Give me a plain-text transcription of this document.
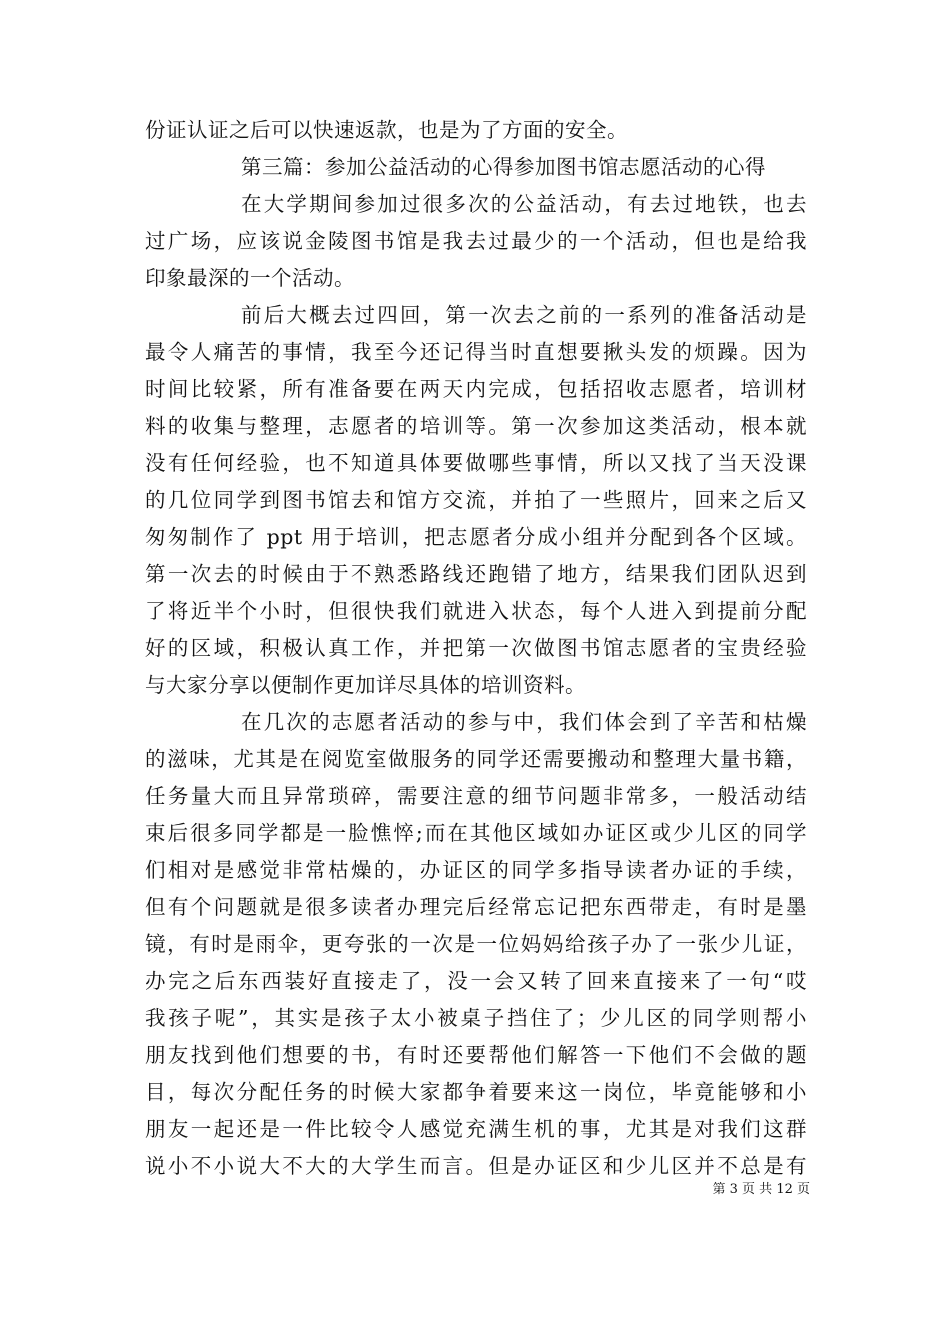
份证认证之后可以快速返款，也是为了方面的安全。
第三篇：参加公益活动的心得参加图书馆志愿活动的心得
在大学期间参加过很多次的公益活动，有去过地铁，也去
过广场，应该说金陵图书馆是我去过最少的一个活动，但也是给我
印象最深的一个活动。
前后大概去过四回，第一次去之前的一系列的准备活动是
最令人痛苦的事情，我至今还记得当时直想要揪头发的烦躁。因为
时间比较紧，所有准备要在两天内完成，包括招收志愿者，培训材
料的收集与整理，志愿者的培训等。第一次参加这类活动，根本就
没有任何经验，也不知道具体要做哪些事情，所以又找了当天没课
的几位同学到图书馆去和馆方交流，并拍了一些照片，回来之后又
匆匆制作了 ppt 用于培训，把志愿者分成小组并分配到各个区域。
第一次去的时候由于不熟悉路线还跑错了地方，结果我们团队迟到
了将近半个小时，但很快我们就进入状态，每个人进入到提前分配
好的区域，积极认真工作，并把第一次做图书馆志愿者的宝贵经验
与大家分享以便制作更加详尽具体的培训资料。
在几次的志愿者活动的参与中，我们体会到了辛苦和枯燥
的滋味，尤其是在阅览室做服务的同学还需要搬动和整理大量书籍，
任务量大而且异常琐碎，需要注意的细节问题非常多，一般活动结
束后很多同学都是一脸憔悴;而在其他区域如办证区或少儿区的同学
们相对是感觉非常枯燥的，办证区的同学多指导读者办证的手续，
但有个问题就是很多读者办理完后经常忘记把东西带走，有时是墨
镜，有时是雨伞，更夸张的一次是一位妈妈给孩子办了一张少儿证，
办完之后东西装好直接走了，没一会又转了回来直接来了一句“哎
我孩子呢”，其实是孩子太小被桌子挡住了；少儿区的同学则帮小
朋友找到他们想要的书，有时还要帮他们解答一下他们不会做的题
目，每次分配任务的时候大家都争着要来这一岗位，毕竟能够和小
朋友一起还是一件比较令人感觉充满生机的事，尤其是对我们这群
说小不小说大不大的大学生而言。但是办证区和少儿区并不总是有
第 3 页 共 12 页
